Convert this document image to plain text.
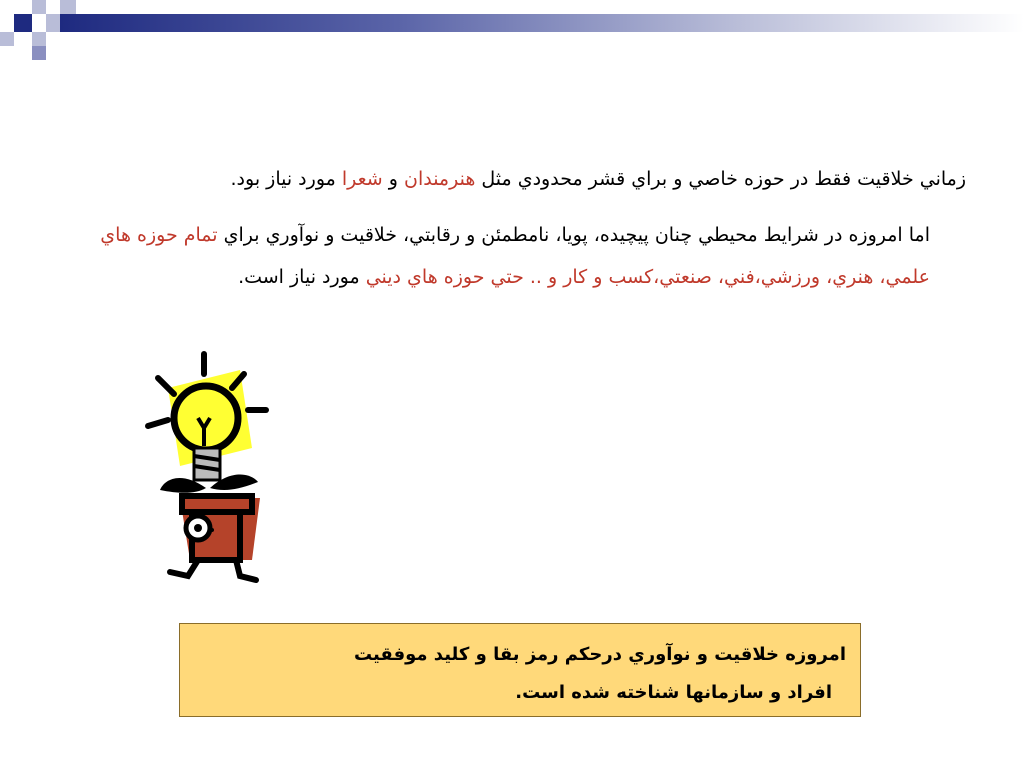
زماني خلاقيت فقط در حوزه خاصي و براي قشر محدودي مثل هنرمندان و شعرا مورد نياز بود.
اما امروزه در شرايط محيطي چنان پيچيده، پويا، نامطمئن و رقابتي، خلاقيت و نوآوري براي تمام حوزه هاي علمي، هنري، ورزشي،فني، صنعتي،كسب و كار و .. حتي حوزه هاي ديني مورد نياز است.
امروزه خلاقيت و نوآوري درحكم رمز بقا و كليد موفقيت
افراد و سازمانها شناخته شده است.
